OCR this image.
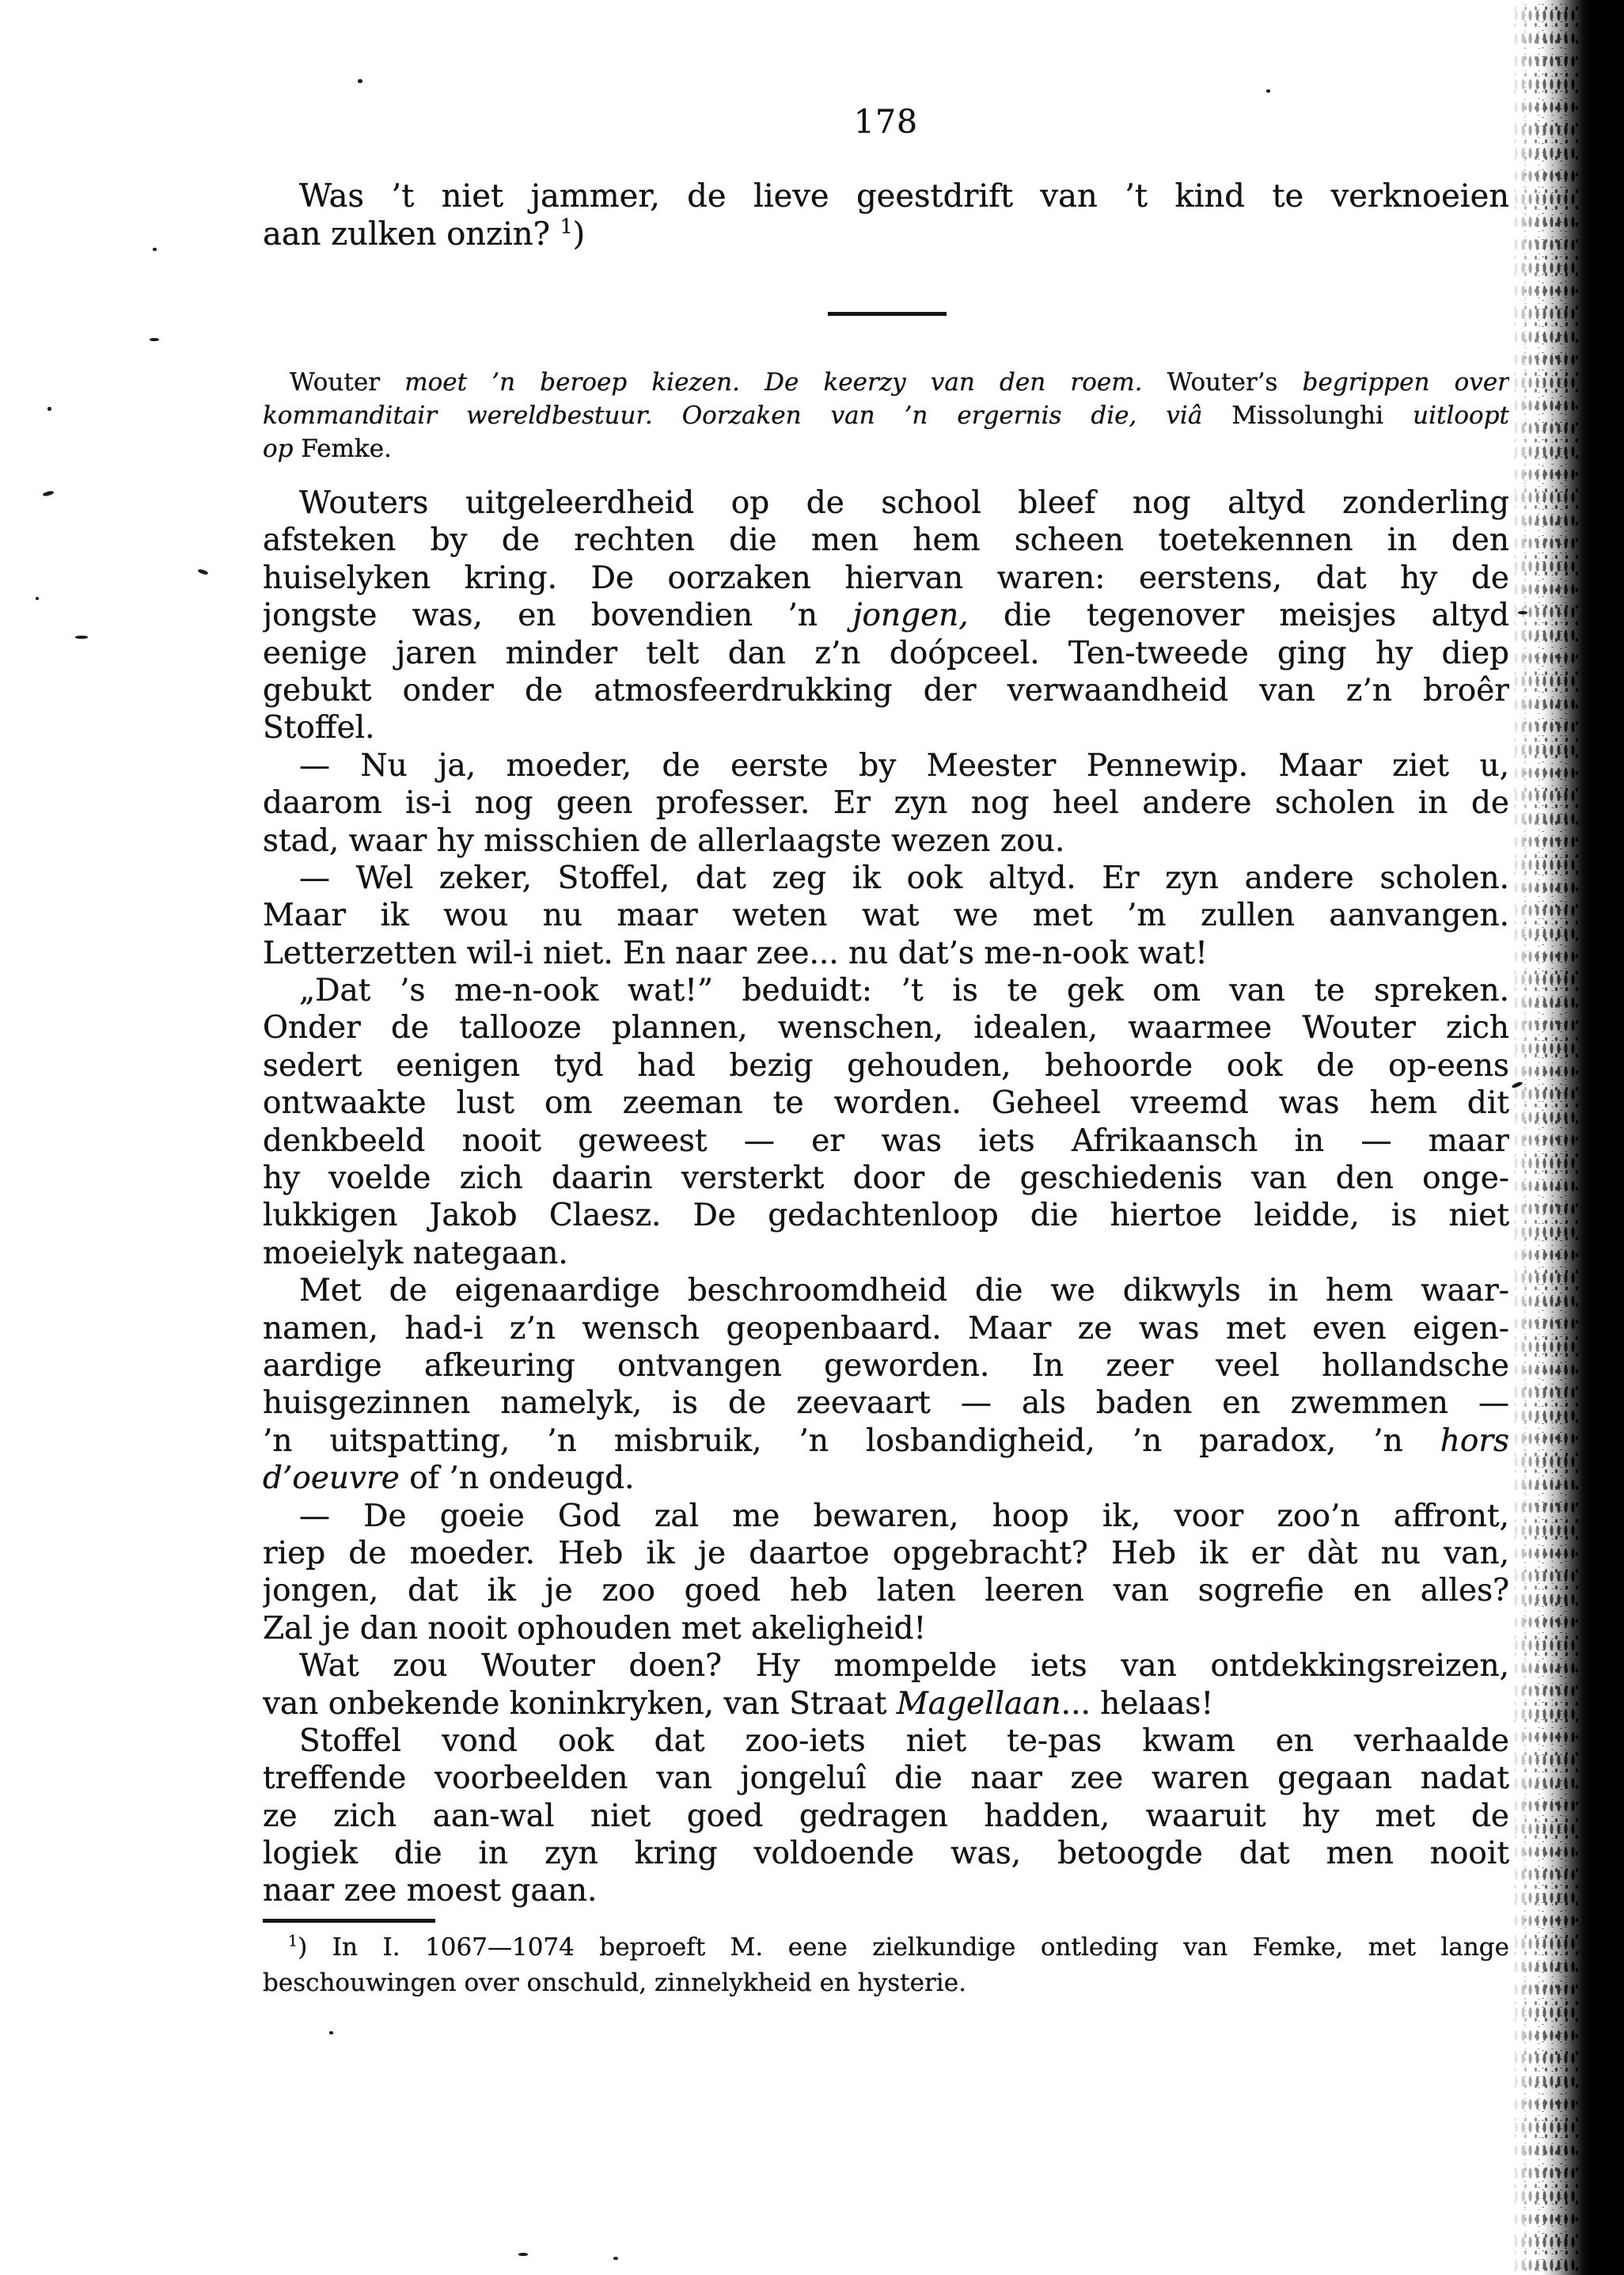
178
Was ’t niet jammer, de lieve geestdrift van ’t kind te verknoeien
aan zulken onzin? $^1$)
Wouter moet ’n beroep kiezen. De keerzy van den roem. Wouter’s begrippen over
kommanditair wereldbestuur. Oorzaken van ’n ergernis die, viâ Missolunghi uitloopt
op Femke.
Wouters uitgeleerdheid op de school bleef nog altyd zonderling
afsteken by de rechten die men hem scheen toetekennen in den
huiselyken kring. De oorzaken hiervan waren: eerstens, dat hy de
jongste was, en bovendien ’n jongen, die tegenover meisjes altyd
eenige jaren minder telt dan z’n doópceel. Ten-tweede ging hy diep
gebukt onder de atmosfeerdrukking der verwaandheid van z’n broêr
Stoffel.
— Nu ja, moeder, de eerste by Meester Pennewip. Maar ziet u,
daarom is-i nog geen professer. Er zyn nog heel andere scholen in de
stad, waar hy misschien de allerlaagste wezen zou.
— Wel zeker, Stoffel, dat zeg ik ook altyd. Er zyn andere scholen.
Maar ik wou nu maar weten wat we met ’m zullen aanvangen.
Letterzetten wil-i niet. En naar zee... nu dat’s me-n-ook wat!
„Dat ’s me-n-ook wat!” beduidt: ’t is te gek om van te spreken.
Onder de tallooze plannen, wenschen, idealen, waarmee Wouter zich
sedert eenigen tyd had bezig gehouden, behoorde ook de op-eens
ontwaakte lust om zeeman te worden. Geheel vreemd was hem dit
denkbeeld nooit geweest — er was iets Afrikaansch in — maar
hy voelde zich daarin versterkt door de geschiedenis van den onge-
lukkigen Jakob Claesz. De gedachtenloop die hiertoe leidde, is niet
moeielyk nategaan.
Met de eigenaardige beschroomdheid die we dikwyls in hem waar-
namen, had-i z’n wensch geopenbaard. Maar ze was met even eigen-
aardige afkeuring ontvangen geworden. In zeer veel hollandsche
huisgezinnen namelyk, is de zeevaart — als baden en zwemmen —
’n uitspatting, ’n misbruik, ’n losbandigheid, ’n paradox, ’n hors
d’oeuvre of ’n ondeugd.
— De goeie God zal me bewaren, hoop ik, voor zoo’n affront,
riep de moeder. Heb ik je daartoe opgebracht? Heb ik er dàt nu van,
jongen, dat ik je zoo goed heb laten leeren van sogrefie en alles?
Zal je dan nooit ophouden met akeligheid!
Wat zou Wouter doen? Hy mompelde iets van ontdekkingsreizen,
van onbekende koninkryken, van Straat Magellaan... helaas!
Stoffel vond ook dat zoo-iets niet te-pas kwam en verhaalde
treffende voorbeelden van jongeluî die naar zee waren gegaan nadat
ze zich aan-wal niet goed gedragen hadden, waaruit hy met de
logiek die in zyn kring voldoende was, betoogde dat men nooit
naar zee moest gaan.
$^1$) In I. 1067—1074 beproeft M. eene zielkundige ontleding van Femke, met lange
beschouwingen over onschuld, zinnelykheid en hysterie.
